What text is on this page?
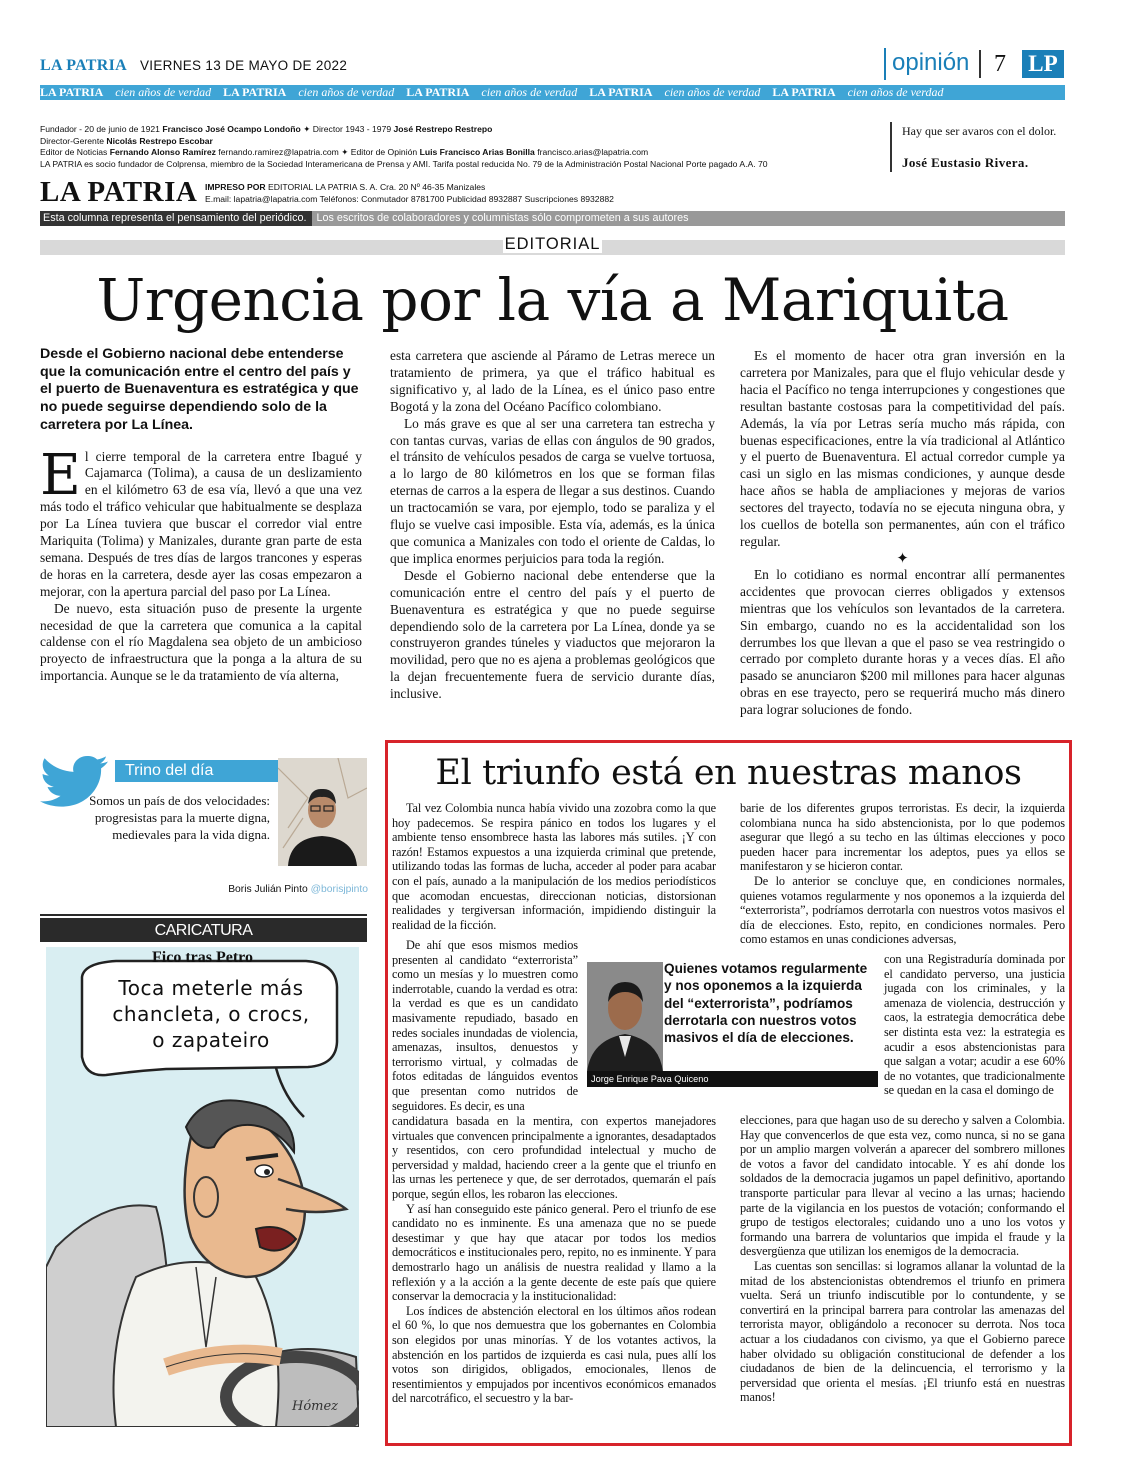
LA PATRIA VIERNES 13 DE MAYO DE 2022	opinión 7 LP
LA PATRIA cien años de verdad LA PATRIA cien años de verdad LA PATRIA cien años de verdad LA PATRIA cien años de verdad LA PATRIA cien años de verdad
Fundador - 20 de junio de 1921 Francisco José Ocampo Londoño ✦ Director 1943 - 1979 José Restrepo Restrepo
Director-Gerente Nicolás Restrepo Escobar
Editor de Noticias Fernando Alonso Ramírez fernando.ramirez@lapatria.com ✦ Editor de Opinión Luis Francisco Arias Bonilla francisco.arias@lapatria.com
LA PATRIA es socio fundador de Colprensa, miembro de la Sociedad Interamericana de Prensa y AMI. Tarifa postal reducida No. 79 de la Administración Postal Nacional Porte pagado A.A. 70
Hay que ser avaros con el dolor.
José Eustasio Rivera.
LA PATRIA IMPRESO POR EDITORIAL LA PATRIA S. A. Cra. 20 Nº 46-35 Manizales
E.mail: lapatria@lapatria.com Teléfonos: Conmutador 8781700 Publicidad 8932887 Suscripciones 8932882
Esta columna representa el pensamiento del periódico. Los escritos de colaboradores y columnistas sólo comprometen a sus autores
EDITORIAL
Urgencia por la vía a Mariquita
Desde el Gobierno nacional debe entenderse que la comunicación entre el centro del país y el puerto de Buenaventura es estratégica y que no puede seguirse dependiendo solo de la carretera por La Línea.

El cierre temporal de la carretera entre Ibagué y Cajamarca (Tolima), a causa de un deslizamiento en el kilómetro 63 de esa vía, llevó a que una vez más todo el tráfico vehicular que habitualmente se desplaza por La Línea tuviera que buscar el corredor vial entre Mariquita (Tolima) y Manizales, durante gran parte de esta semana. Después de tres días de largos trancones y esperas de horas en la carretera, desde ayer las cosas empezaron a mejorar, con la apertura parcial del paso por La Línea.

De nuevo, esta situación puso de presente la urgente necesidad de que la carretera que comunica a la capital caldense con el río Magdalena sea objeto de un ambicioso proyecto de infraestructura que la ponga a la altura de su importancia. Aunque se le da tratamiento de vía alterna,

esta carretera que asciende al Páramo de Letras merece un tratamiento de primera, ya que el tráfico habitual es significativo y, al lado de la Línea, es el único paso entre Bogotá y la zona del Océano Pacífico colombiano.

Lo más grave es que al ser una carretera tan estrecha y con tantas curvas, varias de ellas con ángulos de 90 grados, el tránsito de vehículos pesados de carga se vuelve tortuosa, a lo largo de 80 kilómetros en los que se forman filas eternas de carros a la espera de llegar a sus destinos. Cuando un tractocamión se vara, por ejemplo, todo se paraliza y el flujo se vuelve casi imposible. Esta vía, además, es la única que comunica a Manizales con todo el oriente de Caldas, lo que implica enormes perjuicios para toda la región.

Desde el Gobierno nacional debe entenderse que la comunicación entre el centro del país y el puerto de Buenaventura es estratégica y que no puede seguirse dependiendo solo de la carretera por La Línea, donde ya se construyeron grandes túneles y viaductos que mejoraron la movilidad, pero que no es ajena a problemas geológicos que la dejan frecuentemente fuera de servicio durante días, inclusive.

Es el momento de hacer otra gran inversión en la carretera por Manizales, para que el flujo vehicular desde y hacia el Pacífico no tenga interrupciones y congestiones que resultan bastante costosas para la competitividad del país. Además, la vía por Letras sería mucho más rápida, con buenas especificaciones, entre la vía tradicional al Atlántico y el puerto de Buenaventura. El actual corredor cumple ya casi un siglo en las mismas condiciones, y aunque desde hace años se habla de ampliaciones y mejoras de varios sectores del trayecto, todavía no se ejecuta ninguna obra, y los cuellos de botella son permanentes, aún con el tráfico regular.

✦

En lo cotidiano es normal encontrar allí permanentes accidentes que provocan cierres obligados y extensos mientras que los vehículos son levantados de la carretera. Sin embargo, cuando no es la accidentalidad son los derrumbes los que llevan a que el paso se vea restringido o cerrado por completo durante horas y a veces días. El año pasado se anunciaron $200 mil millones para hacer algunas obras en ese trayecto, pero se requerirá mucho más dinero para lograr soluciones de fondo.

Trino del día
Somos un país de dos velocidades: progresistas para la muerte digna, medievales para la vida digna.
Boris Julián Pinto @borisjpinto
CARICATURA
Fico tras Petro
Toca meterle más
chancleta, o crocs,
o zapateiro
Hómez
El triunfo está en nuestras manos

Tal vez Colombia nunca había vivido una zozobra como la que hoy padecemos. Se respira pánico en todos los lugares y el ambiente tenso ensombrece hasta las labores más sutiles. ¡Y con razón! Estamos expuestos a una izquierda criminal que pretende, utilizando todas las formas de lucha, acceder al poder para acabar con el país, aunado a la manipulación de los medios periodísticos que acomodan encuestas, direccionan noticias, distorsionan realidades y tergiversan información, impidiendo distinguir la realidad de la ficción.

De ahí que esos mismos medios presenten al candidato “exterrorista” como un mesías y lo muestren como inderrotable, cuando la verdad es otra: la verdad es que es un candidato masivamente repudiado, basado en redes sociales inundadas de violencia, amenazas, insultos, denuestos y terrorismo virtual, y colmadas de fotos editadas de lánguidos eventos que presentan como nutridos de seguidores. Es decir, es una

candidatura basada en la mentira, con expertos manejadores virtuales que convencen principalmente a ignorantes, desadaptados y resentidos, con cero profundidad intelectual y mucho de perversidad y maldad, haciendo creer a la gente que el triunfo en las urnas les pertenece y que, de ser derrotados, quemarán el país porque, según ellos, les robaron las elecciones.

Y así han conseguido este pánico general. Pero el triunfo de ese candidato no es inminente. Es una amenaza que no se puede desestimar y que hay que atacar por todos los medios democráticos e institucionales pero, repito, no es inminente. Y para demostrarlo hago un análisis de nuestra realidad y llamo a la reflexión y a la acción a la gente decente de este país que quiere conservar la democracia y la institucionalidad:

Los índices de abstención electoral en los últimos años rodean el 60 %, lo que nos demuestra que los gobernantes en Colombia son elegidos por unas minorías. Y de los votantes activos, la abstención en los partidos de izquierda es casi nula, pues allí los votos son dirigidos, obligados, emocionales, llenos de resentimientos y empujados por incentivos económicos emanados del narcotráfico, el secuestro y la bar-

barie de los diferentes grupos terroristas. Es decir, la izquierda colombiana nunca ha sido abstencionista, por lo que podemos asegurar que llegó a su techo en las últimas elecciones y poco pueden hacer para incrementar los adeptos, pues ya ellos se manifestaron y se hicieron contar.

De lo anterior se concluye que, en condiciones normales, quienes votamos regularmente y nos oponemos a la izquierda del “exterrorista”, podríamos derrotarla con nuestros votos masivos el día de elecciones. Esto, repito, en condiciones normales. Pero como estamos en unas condiciones adversas,

con una Registraduría dominada por el candidato perverso, una justicia jugada con los criminales, y la amenaza de violencia, destrucción y caos, la estrategia democrática debe ser distinta esta vez: la estrategia es acudir a esos abstencionistas para que salgan a votar; acudir a ese 60% de no votantes, que tradicionalmente se quedan en la casa el domingo de

elecciones, para que hagan uso de su derecho y salven a Colombia. Hay que convencerlos de que esta vez, como nunca, si no se gana por un amplio margen volverán a aparecer del sombrero millones de votos a favor del candidato intocable. Y es ahí donde los soldados de la democracia jugamos un papel definitivo, aportando transporte particular para llevar al vecino a las urnas; haciendo parte de la vigilancia en los puestos de votación; conformando el grupo de testigos electorales; cuidando uno a uno los votos y formando una barrera de voluntarios que impida el fraude y la desvergüenza que utilizan los enemigos de la democracia.

Las cuentas son sencillas: si logramos allanar la voluntad de la mitad de los abstencionistas obtendremos el triunfo en primera vuelta. Será un triunfo indiscutible por lo contundente, y se convertirá en la principal barrera para controlar las amenazas del terrorista mayor, obligándolo a reconocer su derrota. Nos toca actuar a los ciudadanos con civismo, ya que el Gobierno parece haber olvidado su obligación constitucional de defender a los ciudadanos de bien de la delincuencia, el terrorismo y la perversidad que orienta el mesías. ¡El triunfo está en nuestras manos!

Quienes votamos regularmente y nos oponemos a la izquierda del “exterrorista”, podríamos derrotarla con nuestros votos masivos el día de elecciones.
Jorge Enrique Pava Quiceno
